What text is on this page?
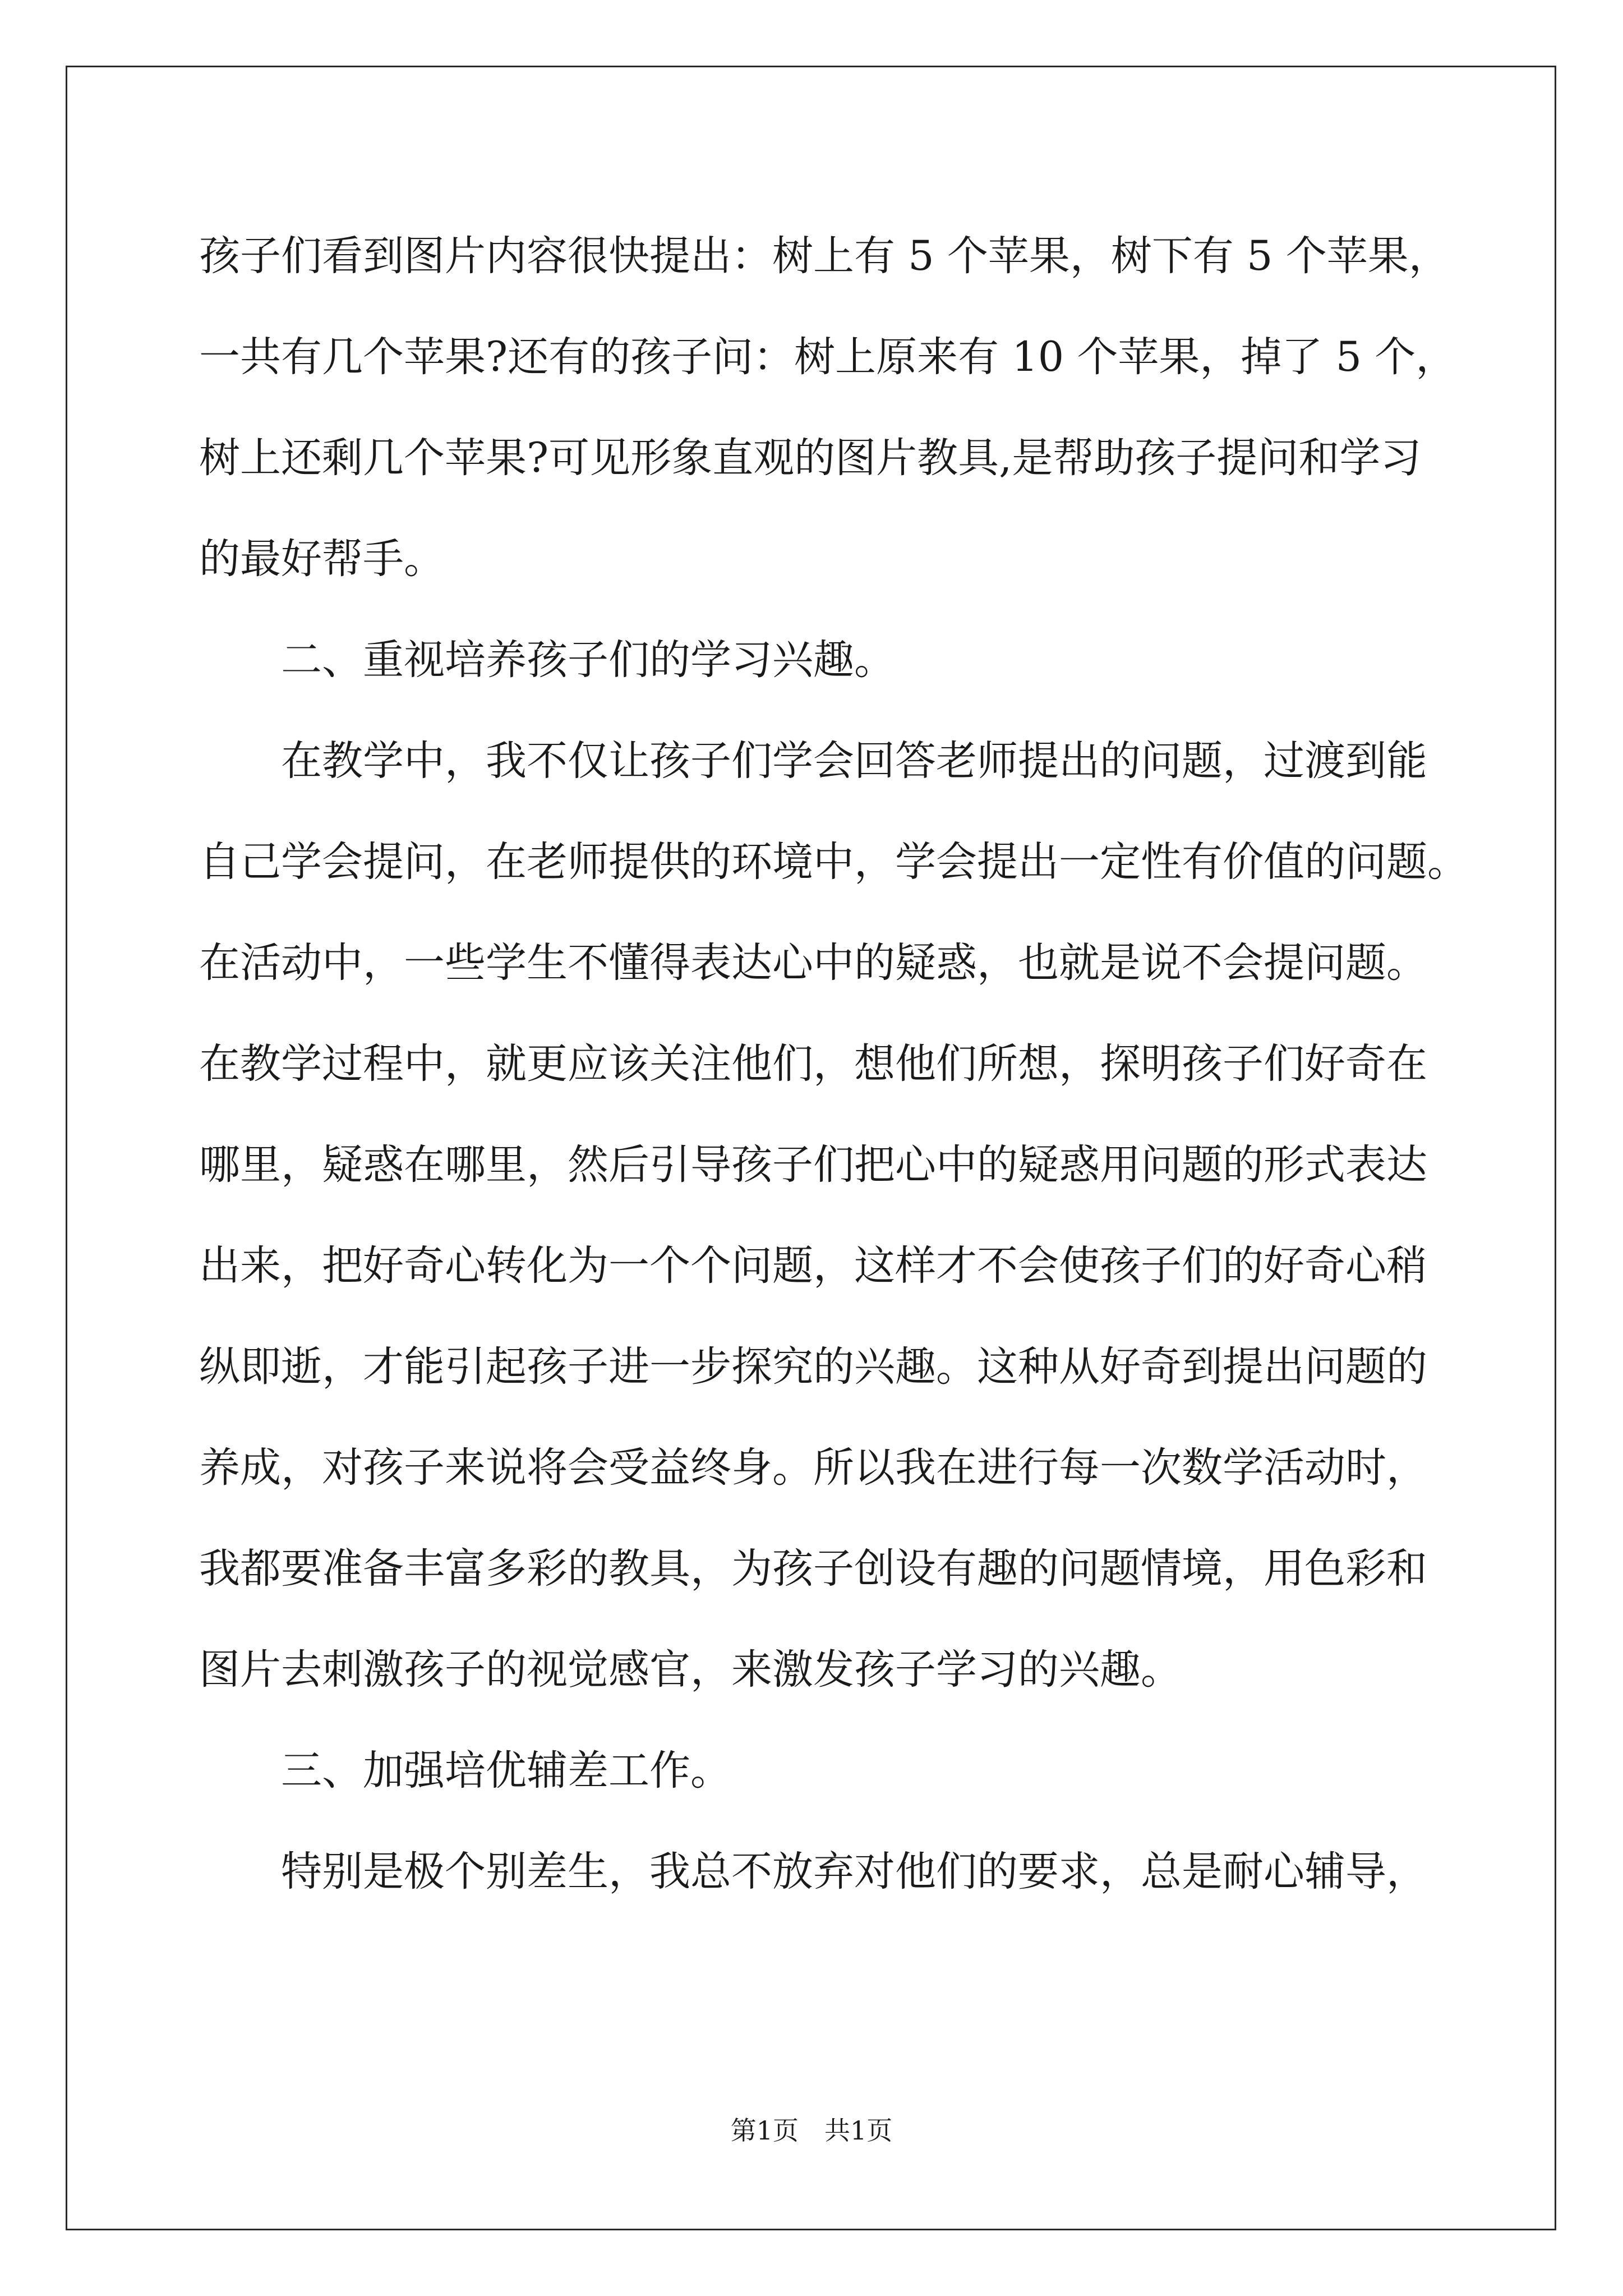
孩子们看到图片内容很快提出：树上有 5 个苹果，树下有 5 个苹果，
一共有几个苹果?还有的孩子问：树上原来有 10 个苹果，掉了 5 个，
树上还剩几个苹果?可见形象直观的图片教具,是帮助孩子提问和学习
的最好帮手。
二、重视培养孩子们的学习兴趣。
在教学中，我不仅让孩子们学会回答老师提出的问题，过渡到能
自己学会提问，在老师提供的环境中，学会提出一定性有价值的问题。
在活动中，一些学生不懂得表达心中的疑惑，也就是说不会提问题。
在教学过程中，就更应该关注他们，想他们所想，探明孩子们好奇在
哪里，疑惑在哪里，然后引导孩子们把心中的疑惑用问题的形式表达
出来，把好奇心转化为一个个问题，这样才不会使孩子们的好奇心稍
纵即逝，才能引起孩子进一步探究的兴趣。这种从好奇到提出问题的
养成，对孩子来说将会受益终身。所以我在进行每一次数学活动时，
我都要准备丰富多彩的教具，为孩子创设有趣的问题情境，用色彩和
图片去刺激孩子的视觉感官，来激发孩子学习的兴趣。
三、加强培优辅差工作。
特别是极个别差生，我总不放弃对他们的要求，总是耐心辅导，
第1页 共1页
